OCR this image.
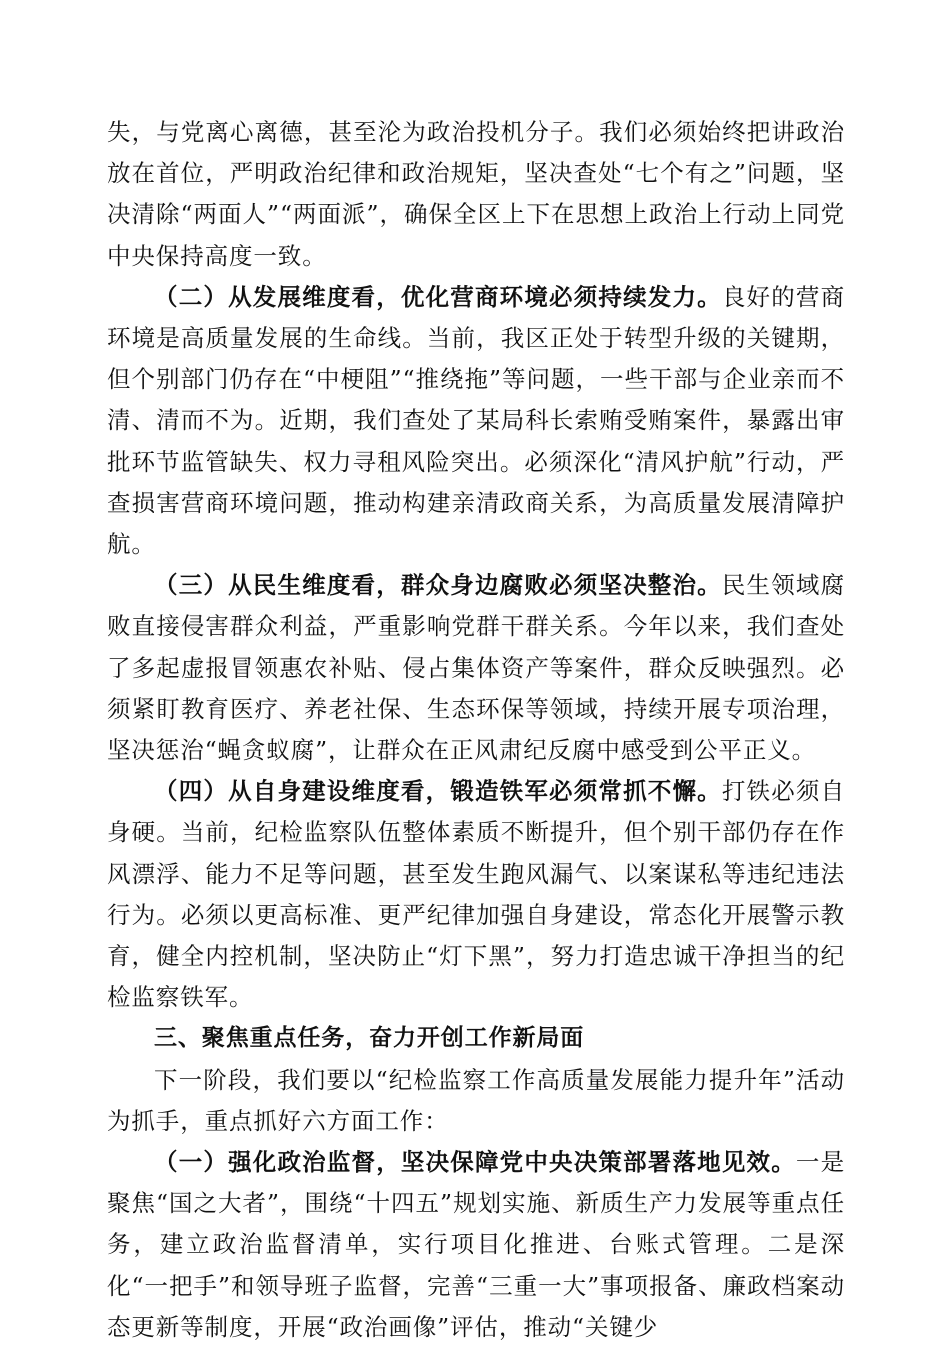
失，与党离心离德，甚至沦为政治投机分子。我们必须始终把讲政治放在首位，严明政治纪律和政治规矩，坚决查处“七个有之”问题，坚决清除“两面人”“两面派”，确保全区上下在思想上政治上行动上同党中央保持高度一致。

（二）从发展维度看，优化营商环境必须持续发力。良好的营商环境是高质量发展的生命线。当前，我区正处于转型升级的关键期，但个别部门仍存在“中梗阻”“推绕拖”等问题，一些干部与企业亲而不清、清而不为。近期，我们查处了某局科长索贿受贿案件，暴露出审批环节监管缺失、权力寻租风险突出。必须深化“清风护航”行动，严查损害营商环境问题，推动构建亲清政商关系，为高质量发展清障护航。

（三）从民生维度看，群众身边腐败必须坚决整治。民生领域腐败直接侵害群众利益，严重影响党群干群关系。今年以来，我们查处了多起虚报冒领惠农补贴、侵占集体资产等案件，群众反映强烈。必须紧盯教育医疗、养老社保、生态环保等领域，持续开展专项治理，坚决惩治“蝇贪蚁腐”，让群众在正风肃纪反腐中感受到公平正义。

（四）从自身建设维度看，锻造铁军必须常抓不懈。打铁必须自身硬。当前，纪检监察队伍整体素质不断提升，但个别干部仍存在作风漂浮、能力不足等问题，甚至发生跑风漏气、以案谋私等违纪违法行为。必须以更高标准、更严纪律加强自身建设，常态化开展警示教育，健全内控机制，坚决防止“灯下黑”，努力打造忠诚干净担当的纪检监察铁军。

三、聚焦重点任务，奋力开创工作新局面

下一阶段，我们要以“纪检监察工作高质量发展能力提升年”活动为抓手，重点抓好六方面工作：

（一）强化政治监督，坚决保障党中央决策部署落地见效。一是聚焦“国之大者”，围绕“十四五”规划实施、新质生产力发展等重点任务，建立政治监督清单，实行项目化推进、台账式管理。二是深化“一把手”和领导班子监督，完善“三重一大”事项报备、廉政档案动态更新等制度，开展“政治画像”评估，推动“关键少
